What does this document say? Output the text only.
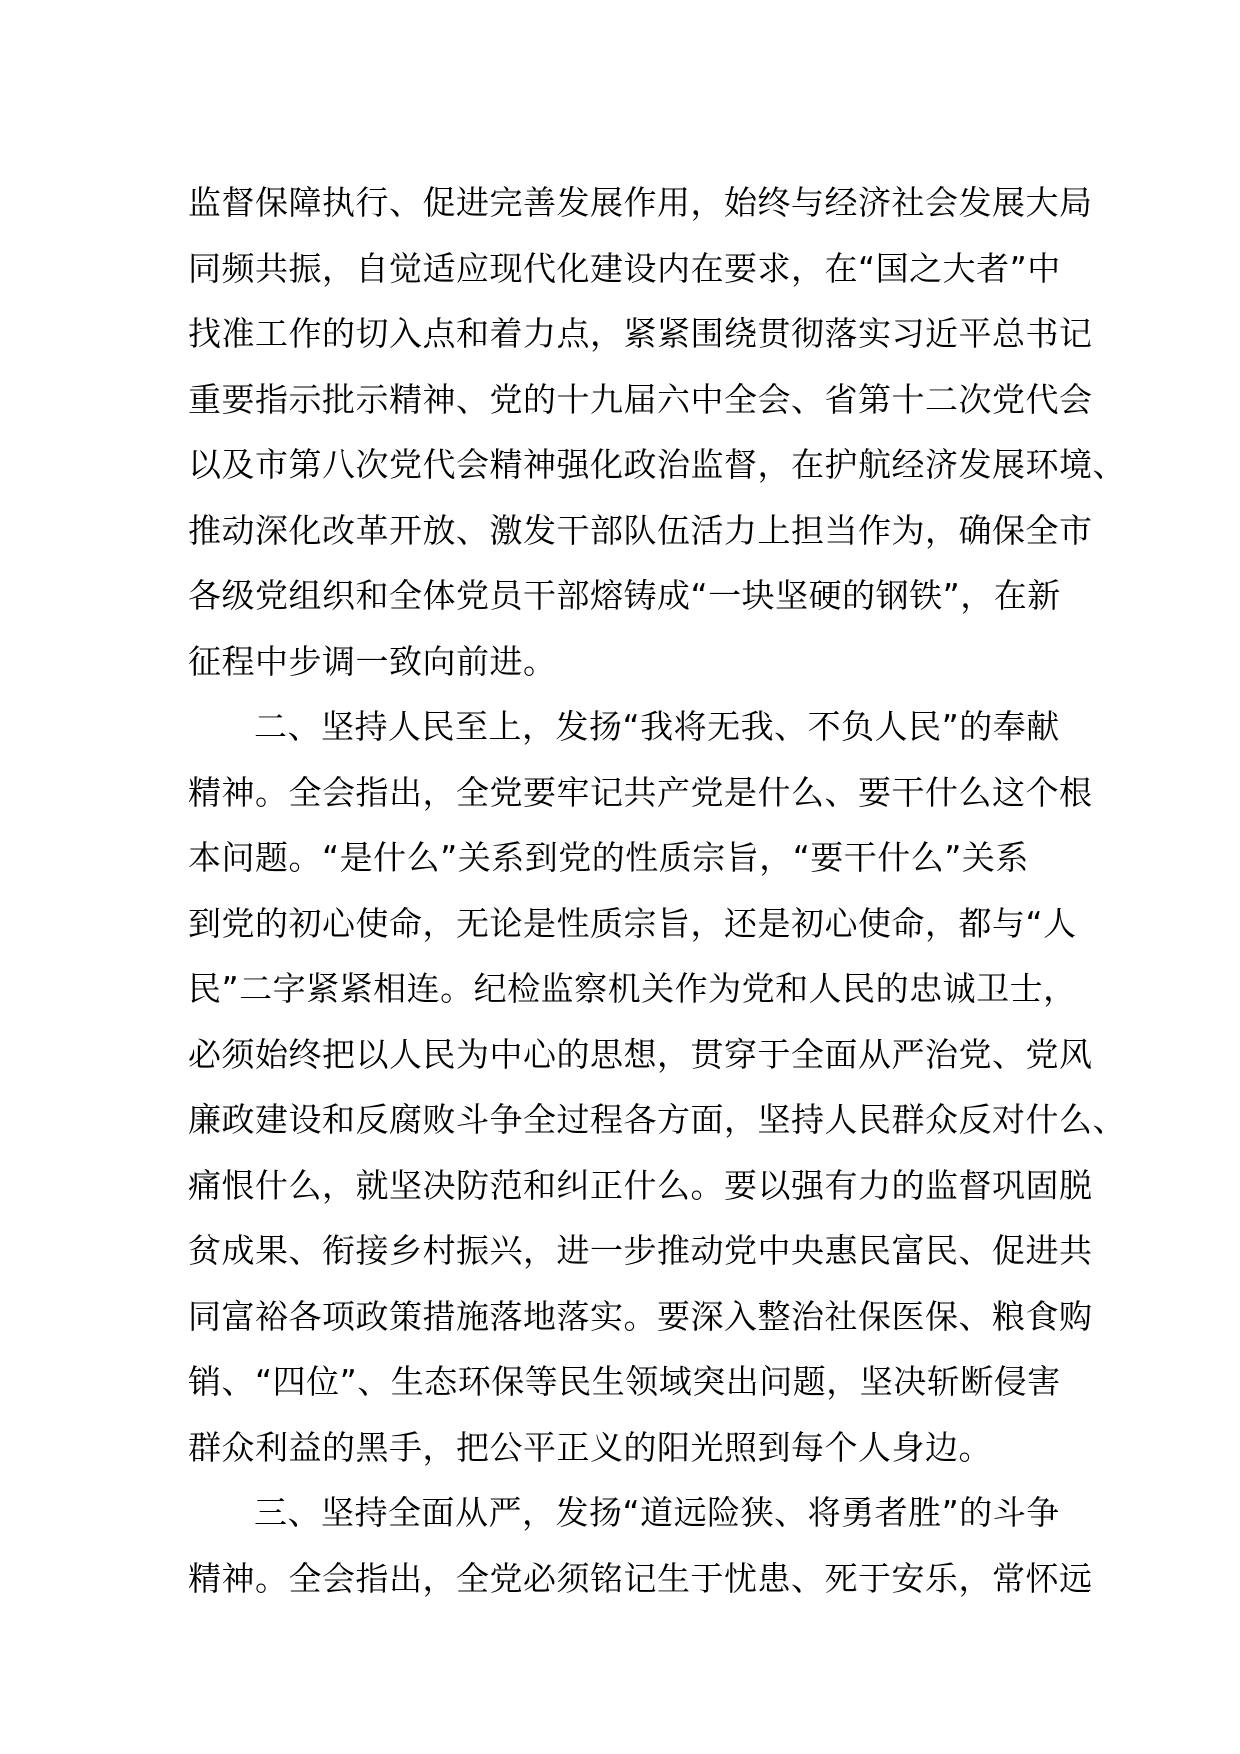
监督保障执行、促进完善发展作用，始终与经济社会发展大局
同频共振，自觉适应现代化建设内在要求，在“国之大者”中
找准工作的切入点和着力点，紧紧围绕贯彻落实习近平总书记
重要指示批示精神、党的十九届六中全会、省第十二次党代会
以及市第八次党代会精神强化政治监督，在护航经济发展环境、
推动深化改革开放、激发干部队伍活力上担当作为，确保全市
各级党组织和全体党员干部熔铸成“一块坚硬的钢铁”，在新
征程中步调一致向前进。
二、坚持人民至上，发扬“我将无我、不负人民”的奉献
精神。全会指出，全党要牢记共产党是什么、要干什么这个根
本问题。“是什么”关系到党的性质宗旨，“要干什么”关系
到党的初心使命，无论是性质宗旨，还是初心使命，都与“人
民”二字紧紧相连。纪检监察机关作为党和人民的忠诚卫士，
必须始终把以人民为中心的思想，贯穿于全面从严治党、党风
廉政建设和反腐败斗争全过程各方面，坚持人民群众反对什么、
痛恨什么，就坚决防范和纠正什么。要以强有力的监督巩固脱
贫成果、衔接乡村振兴，进一步推动党中央惠民富民、促进共
同富裕各项政策措施落地落实。要深入整治社保医保、粮食购
销、“四位”、生态环保等民生领域突出问题，坚决斩断侵害
群众利益的黑手，把公平正义的阳光照到每个人身边。
三、坚持全面从严，发扬“道远险狭、将勇者胜”的斗争
精神。全会指出，全党必须铭记生于忧患、死于安乐，常怀远
